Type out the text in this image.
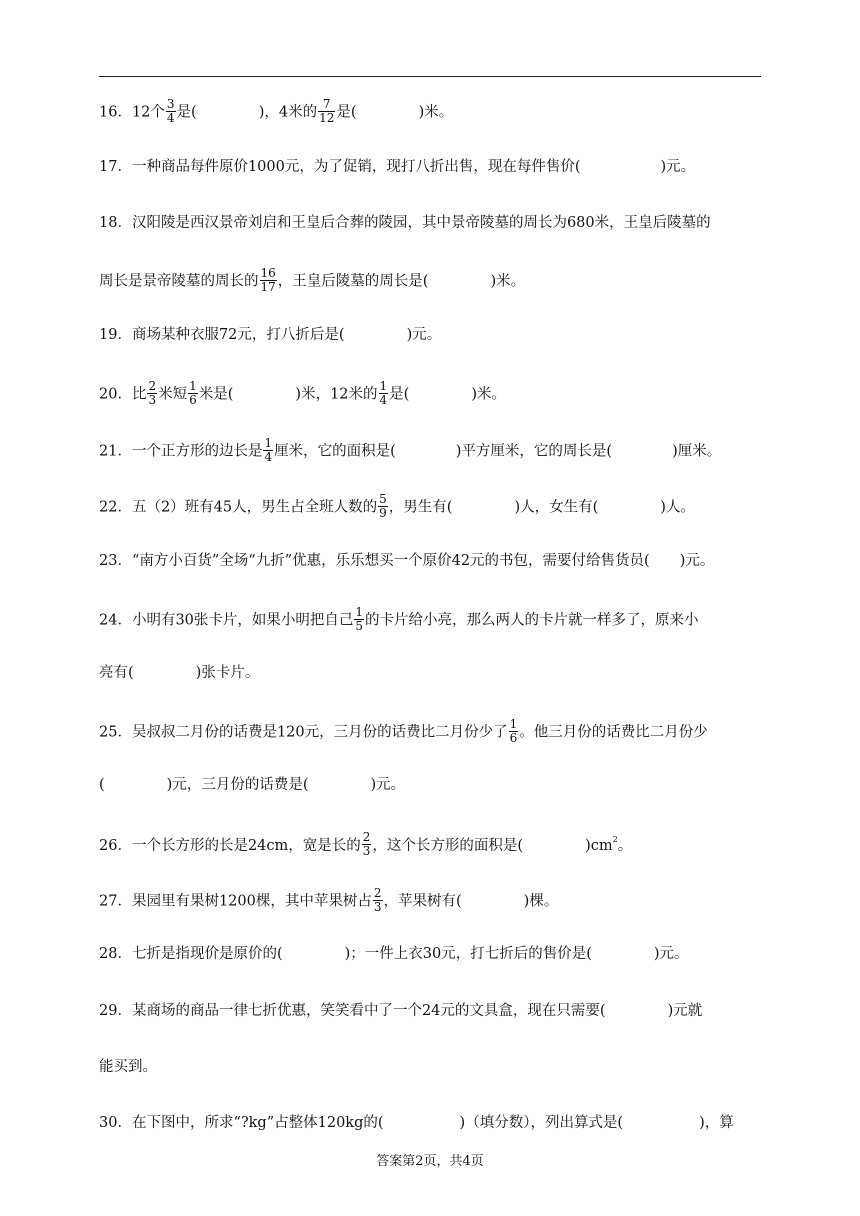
16．12个 $\frac{3}{4}$ 是(	)，4米的 $\frac{7}{12}$ 是(	)米。
17．一种商品每件原价1000元，为了促销，现打八折出售，现在每件售价(	)元。
18．汉阳陵是西汉景帝刘启和王皇后合葬的陵园，其中景帝陵墓的周长为680米，王皇后陵墓的
周长是景帝陵墓的周长的 $\frac{16}{17}$ ，王皇后陵墓的周长是(	)米。
19．商场某种衣服72元，打八折后是(	)元。
20．比 $\frac{2}{3}$ 米短 $\frac{1}{6}$ 米是(	)米，12米的 $\frac{1}{4}$ 是(	)米。
21．一个正方形的边长是 $\frac{1}{4}$ 厘米，它的面积是(	)平方厘米，它的周长是(	)厘米。
22．五（2）班有45人，男生占全班人数的 $\frac{5}{9}$ ，男生有(	)人，女生有(	)人。
23．“南方小百货”全场“九折”优惠，乐乐想买一个原价42元的书包，需要付给售货员( )元。
24．小明有30张卡片，如果小明把自己 $\frac{1}{5}$ 的卡片给小亮，那么两人的卡片就一样多了，原来小
亮有(	)张卡片。
25．吴叔叔二月份的话费是120元，三月份的话费比二月份少了 $\frac{1}{6}$ 。他三月份的话费比二月份少
(	)元，三月份的话费是(	)元。
26．一个长方形的长是24cm，宽是长的 $\frac{2}{3}$ ，这个长方形的面积是(	)$cm^2$。
27．果园里有果树1200棵，其中苹果树占 $\frac{2}{3}$ ，苹果树有(	)棵。
28．七折是指现价是原价的(	)；一件上衣30元，打七折后的售价是(	)元。
29．某商场的商品一律七折优惠，笑笑看中了一个24元的文具盒，现在只需要(	)元就
能买到。
30．在下图中，所求“?kg”占整体120kg的(	)（填分数），列出算式是(	)，算
答案第2页，共4页
